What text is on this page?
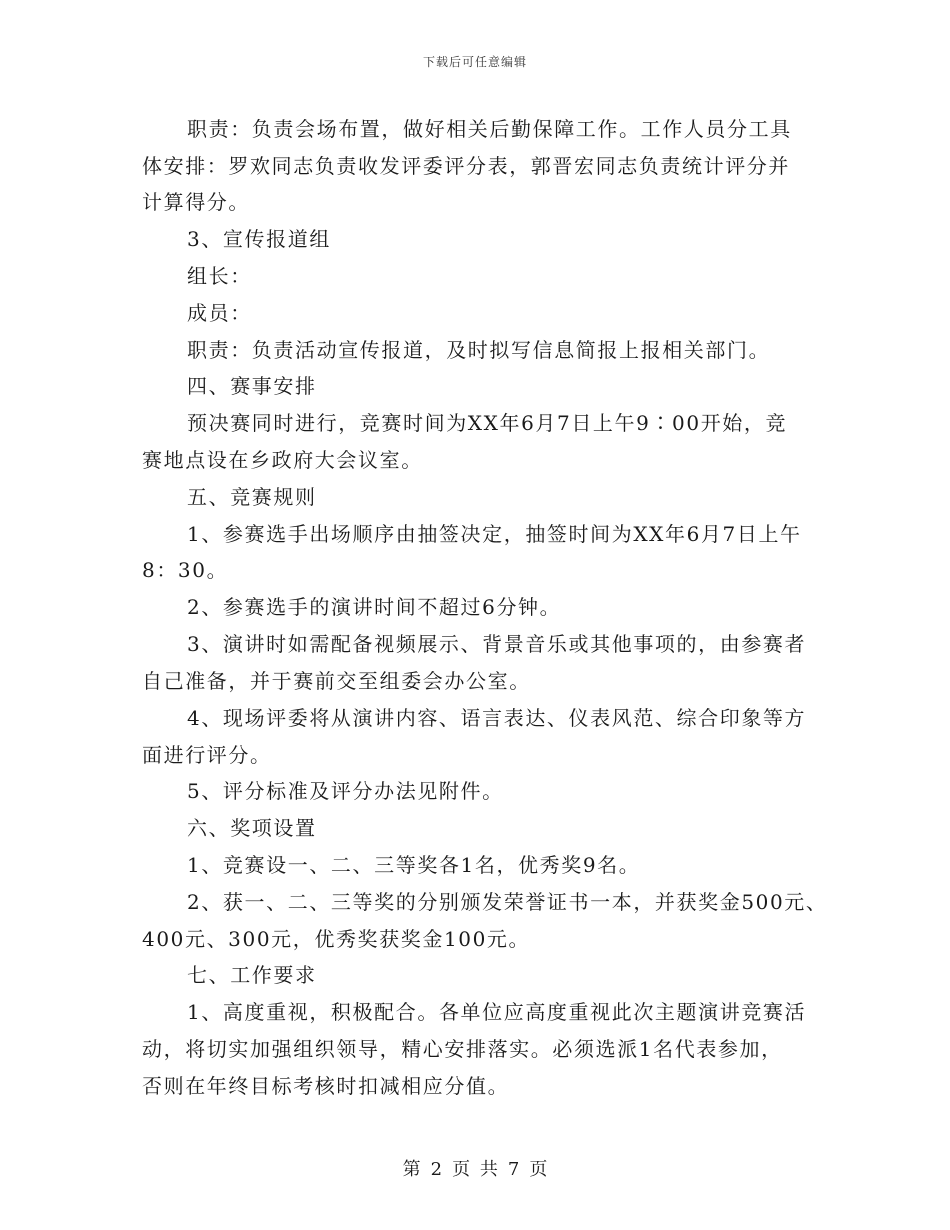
下载后可任意编辑
职责：负责会场布置，做好相关后勤保障工作。工作人员分工具
体安排：罗欢同志负责收发评委评分表，郭晋宏同志负责统计评分并
计算得分。
3、宣传报道组
组长：
成员：
职责：负责活动宣传报道，及时拟写信息简报上报相关部门。
四、赛事安排
预决赛同时进行，竞赛时间为XX年6月7日上午9∶00开始，竞
赛地点设在乡政府大会议室。
五、竞赛规则
1、参赛选手出场顺序由抽签决定，抽签时间为XX年6月7日上午
8：30。
2、参赛选手的演讲时间不超过6分钟。
3、演讲时如需配备视频展示、背景音乐或其他事项的，由参赛者
自己准备，并于赛前交至组委会办公室。
4、现场评委将从演讲内容、语言表达、仪表风范、综合印象等方
面进行评分。
5、评分标准及评分办法见附件。
六、奖项设置
1、竞赛设一、二、三等奖各1名，优秀奖9名。
2、获一、二、三等奖的分别颁发荣誉证书一本，并获奖金500元、
400元、300元，优秀奖获奖金100元。
七、工作要求
1、高度重视，积极配合。各单位应高度重视此次主题演讲竞赛活
动，将切实加强组织领导，精心安排落实。必须选派1名代表参加，
否则在年终目标考核时扣减相应分值。
第 2 页 共 7 页
